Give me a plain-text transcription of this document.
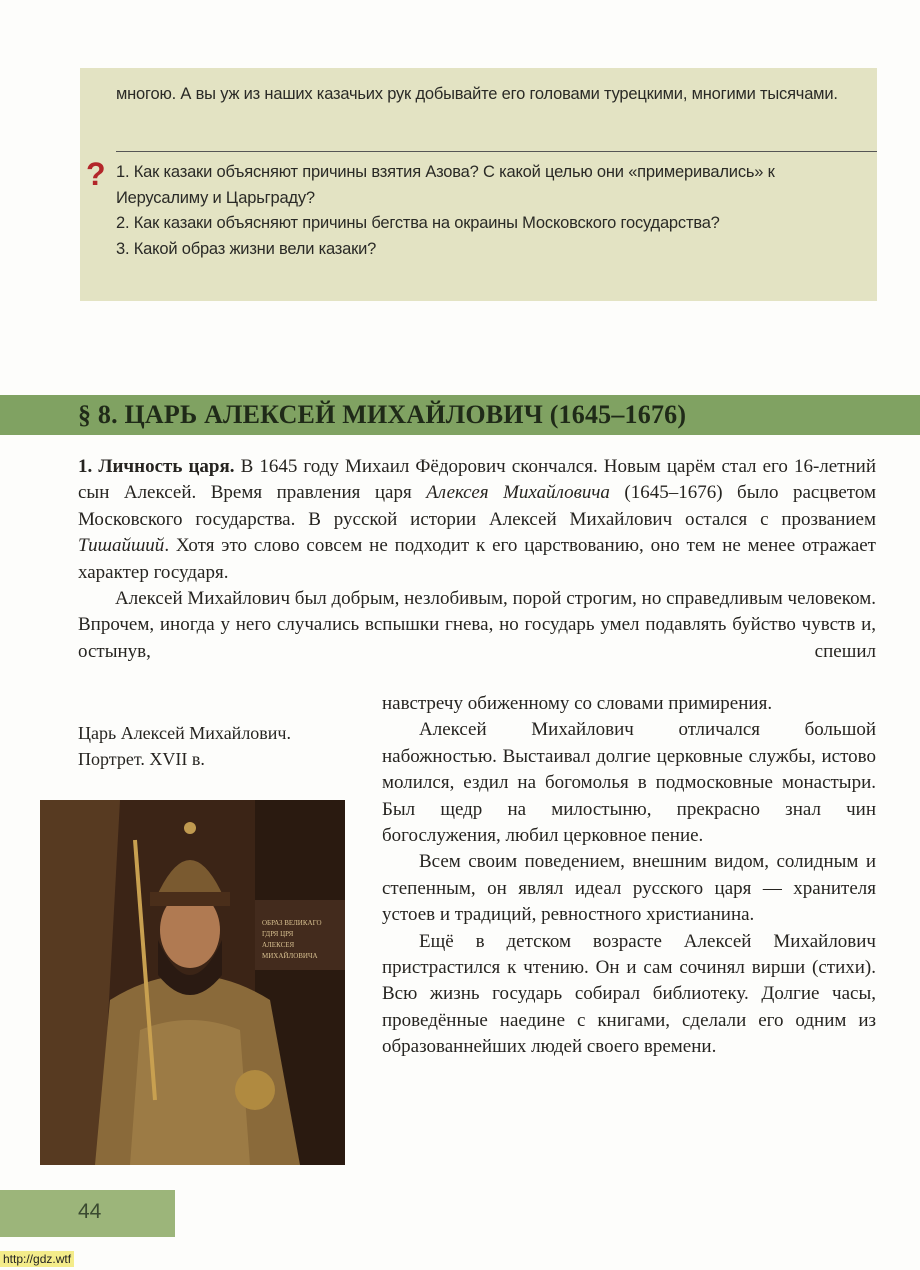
многою. А вы уж из наших казачьих рук добывайте его головами турецкими, многими тысячами.
? 1. Как казаки объясняют причины взятия Азова? С какой целью они «примеривались» к Иерусалиму и Царьграду?
2. Как казаки объясняют причины бегства на окраины Московского государства?
3. Какой образ жизни вели казаки?
§ 8. ЦАРЬ АЛЕКСЕЙ МИХАЙЛОВИЧ (1645–1676)

1. Личность царя. В 1645 году Михаил Фёдорович скончался. Новым царём стал его 16-летний сын Алексей. Время правления царя Алексея Михайловича (1645–1676) было расцветом Московского государства. В русской истории Алексей Михайлович остался с прозванием Тишайший. Хотя это слово совсем не подходит к его царствованию, оно тем не менее отражает характер государя.

Алексей Михайлович был добрым, незлобивым, порой строгим, но справедливым человеком. Впрочем, иногда у него случались вспышки гнева, но государь умел подавлять буйство чувств и, остынув, спешил

Царь Алексей Михайлович.
Портрет. XVII в.
ОБРАЗ ВЕЛИКАГО
ГДРЯ ЦРЯ
АЛЕКСЕЯ
МИХАЙЛОВИЧА

навстречу обиженному со словами примирения.

Алексей Михайлович отличался большой набожностью. Выстаивал долгие церковные службы, истово молился, ездил на богомолья в подмосковные монастыри. Был щедр на милостыню, прекрасно знал чин богослужения, любил церковное пение.

Всем своим поведением, внешним видом, солидным и степенным, он являл идеал русского царя — хранителя устоев и традиций, ревностного христианина.

Ещё в детском возрасте Алексей Михайлович пристрастился к чтению. Он и сам сочинял вирши (стихи). Всю жизнь государь собирал библиотеку. Долгие часы, проведённые наедине с книгами, сделали его одним из образованнейших людей своего времени.

44
http://gdz.wtf
